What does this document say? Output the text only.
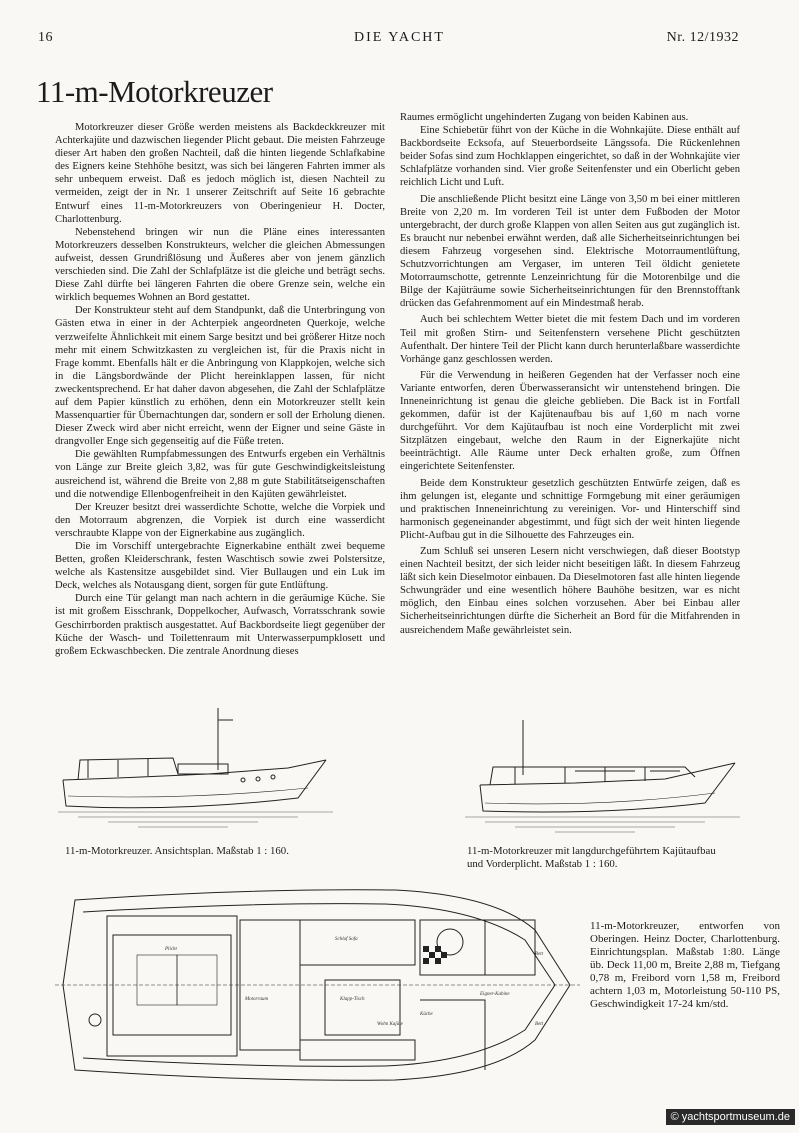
16	DIE YACHT	Nr. 12/1932
11-m-Motorkreuzer

Motorkreuzer dieser Größe werden meistens als Backdeckkreuzer mit Achterkajüte und dazwischen liegender Plicht gebaut. Die meisten Fahrzeuge dieser Art haben den großen Nachteil, daß die hinten liegende Schlafkabine des Eigners keine Stehhöhe besitzt, was sich bei längeren Fahrten immer als sehr unbequem erweist. Daß es jedoch möglich ist, diesen Nachteil zu vermeiden, zeigt der in Nr. 1 unserer Zeitschrift auf Seite 16 gebrachte Entwurf eines 11-m-Motorkreuzers von Oberingenieur H. Docter, Charlottenburg.

Nebenstehend bringen wir nun die Pläne eines interessanten Motorkreuzers desselben Konstrukteurs, welcher die gleichen Abmessungen aufweist, dessen Grundrißlösung und Äußeres aber von jenem gänzlich verschieden sind. Die Zahl der Schlafplätze ist die gleiche und beträgt sechs. Diese Zahl dürfte bei längeren Fahrten die obere Grenze sein, welche ein wirklich bequemes Wohnen an Bord gestattet.

Der Konstrukteur steht auf dem Standpunkt, daß die Unterbringung von Gästen etwa in einer in der Achterpiek angeordneten Querkoje, welche verzweifelte Ähnlichkeit mit einem Sarge besitzt und bei größerer Hitze noch mehr mit einem Schwitzkasten zu vergleichen ist, für die Praxis nicht in Frage kommt. Ebenfalls hält er die Anbringung von Klappkojen, welche sich in die Längsbordwände der Plicht hereinklappen lassen, für nicht zweckentsprechend. Er hat daher davon abgesehen, die Zahl der Schlafplätze auf dem Papier künstlich zu erhöhen, denn ein Motorkreuzer stellt kein Massenquartier für Übernachtungen dar, sondern er soll der Erholung dienen. Dieser Zweck wird aber nicht erreicht, wenn der Eigner und seine Gäste in drangvoller Enge sich gegenseitig auf die Füße treten.

Die gewählten Rumpfabmessungen des Entwurfs ergeben ein Verhältnis von Länge zur Breite gleich 3,82, was für gute Geschwindigkeitsleistung ausreichend ist, während die Breite von 2,88 m gute Stabilitätseigenschaften und die notwendige Ellenbogenfreiheit in den Kajüten gewährleistet.

Der Kreuzer besitzt drei wasserdichte Schotte, welche die Vorpiek und den Motorraum abgrenzen, die Vorpiek ist durch eine wasserdicht verschraubte Klappe von der Eignerkabine aus zugänglich.

Die im Vorschiff untergebrachte Eignerkabine enthält zwei bequeme Betten, großen Kleiderschrank, festen Waschtisch sowie zwei Polstersitze, welche als Kastensitze ausgebildet sind. Vier Bullaugen und ein Luk im Deck, welches als Notausgang dient, sorgen für gute Entlüftung.

Durch eine Tür gelangt man nach achtern in die geräumige Küche. Sie ist mit großem Eisschrank, Doppelkocher, Aufwasch, Vorratsschrank sowie Geschirrborden praktisch ausgestattet. Auf Backbordseite liegt gegenüber der Küche der Wasch- und Toilettenraum mit Unterwasserpumpklosett und großem Eckwaschbecken. Die zentrale Anordnung dieses

Raumes ermöglicht ungehinderten Zugang von beiden Kabinen aus.

Eine Schiebetür führt von der Küche in die Wohnkajüte. Diese enthält auf Backbordseite Ecksofa, auf Steuerbordseite Längssofa. Die Rückenlehnen beider Sofas sind zum Hochklappen eingerichtet, so daß in der Wohnkajüte vier Schlafplätze vorhanden sind. Vier große Seitenfenster und ein Oberlicht geben reichlich Licht und Luft.

Die anschließende Plicht besitzt eine Länge von 3,50 m bei einer mittleren Breite von 2,20 m. Im vorderen Teil ist unter dem Fußboden der Motor untergebracht, der durch große Klappen von allen Seiten aus gut zugänglich ist. Es braucht nur nebenbei erwähnt werden, daß alle Sicherheitseinrichtungen bei diesem Fahrzeug vorgesehen sind. Elektrische Motorraumentlüftung, Schutzvorrichtungen am Vergaser, im unteren Teil öldicht genietete Motorraumschotte, getrennte Lenzeinrichtung für die Motorenbilge und die Bilge der Kajüträume sowie Sicherheitseinrichtungen für den Brennstofftank drücken das Gefahrenmoment auf ein Mindestmaß herab.

Auch bei schlechtem Wetter bietet die mit festem Dach und im vorderen Teil mit großen Stirn- und Seitenfenstern versehene Plicht geschützten Aufenthalt. Der hintere Teil der Plicht kann durch herunterlaßbare wasserdichte Vorhänge ganz geschlossen werden.

Für die Verwendung in heißeren Gegenden hat der Verfasser noch eine Variante entworfen, deren Überwasseransicht wir untenstehend bringen. Die Inneneinrichtung ist genau die gleiche geblieben. Die Back ist in Fortfall gekommen, dafür ist der Kajütenaufbau bis auf 1,60 m nach vorne durchgeführt. Vor dem Kajütaufbau ist noch eine Vorderplicht mit zwei Sitzplätzen eingebaut, welche den Raum in der Eignerkajüte nicht beeinträchtigt. Alle Räume unter Deck erhalten große, zum Öffnen eingerichtete Seitenfenster.

Beide dem Konstrukteur gesetzlich geschützten Entwürfe zeigen, daß es ihm gelungen ist, elegante und schnittige Formgebung mit einer geräumigen und praktischen Inneneinrichtung zu vereinigen. Vor- und Hinterschiff sind harmonisch gegeneinander abgestimmt, und fügt sich der weit hinten liegende Plicht-Aufbau gut in die Silhouette des Fahrzeuges ein.

Zum Schluß sei unseren Lesern nicht verschwiegen, daß dieser Bootstyp einen Nachteil besitzt, der sich leider nicht beseitigen läßt. In diesem Fahrzeug läßt sich kein Dieselmotor einbauen. Da Dieselmotoren fast alle hinten liegende Schwungräder und eine wesentlich höhere Bauhöhe besitzen, war es nicht möglich, den Einbau eines solchen vorzusehen. Aber bei Einbau aller Sicherheitseinrichtungen dürfte die Sicherheit an Bord für die Mitfahrenden in ausreichendem Maße gewährleistet sein.

11-m-Motorkreuzer. Ansichtsplan. Maßstab 1 : 160.	11-m-Motorkreuzer mit langdurchgeführtem Kajütaufbau und Vorderplicht. Maßstab 1 : 160.
Plicht
Motorraum	Klapp-Tisch
Schlaf Sofa
Wohn Kajüte
Küche
Eigner-Kabine
Bett
Bett
11-m-Motorkreuzer, entworfen von Oberingen. Heinz Docter, Charlottenburg. Einrichtungsplan. Maßstab 1:80. Länge üb. Deck 11,00 m, Breite 2,88 m, Tiefgang 0,78 m, Freibord vorn 1,58 m, Freibord achtern 1,03 m, Motorleistung 50-110 PS, Geschwindigkeit 17-24 km/std.
© yachtsportmuseum.de
